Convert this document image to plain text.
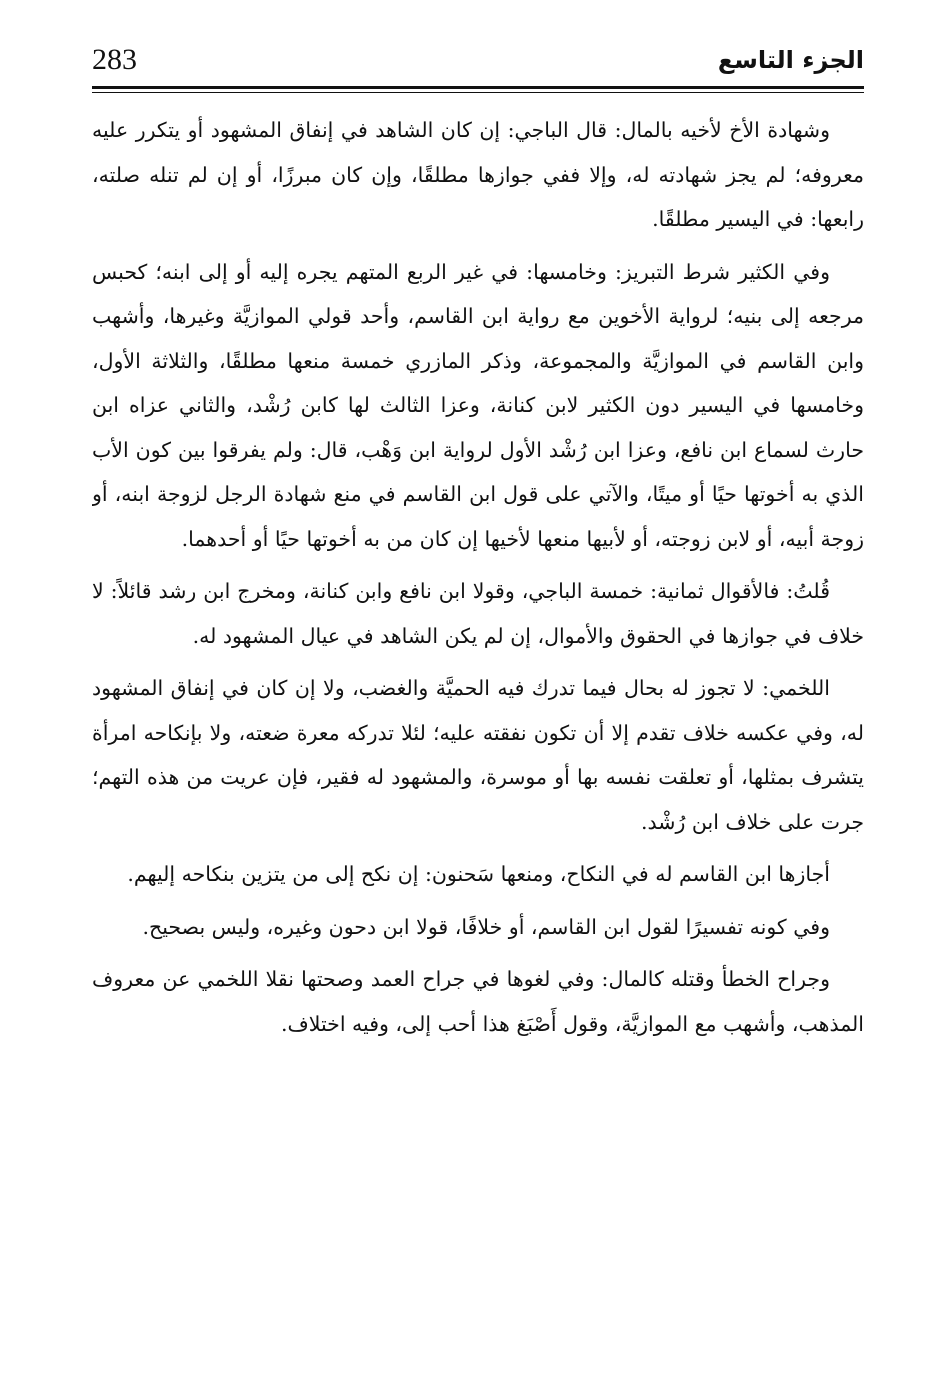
283	الجزء التاسع

وشهادة الأخ لأخيه بالمال: قال الباجي: إن كان الشاهد في إنفاق المشهود أو يتكرر عليه معروفه؛ لم يجز شهادته له، وإلا ففي جوازها مطلقًا، وإن كان مبرزًا، أو إن لم تنله صلته، رابعها: في اليسير مطلقًا.

وفي الكثير شرط التبريز: وخامسها: في غير الربع المتهم يجره إليه أو إلى ابنه؛ كحبس مرجعه إلى بنيه؛ لرواية الأخوين مع رواية ابن القاسم، وأحد قولي الموازيَّة وغيرها، وأشهب وابن القاسم في الموازيَّة والمجموعة، وذكر المازري خمسة منعها مطلقًا، والثلاثة الأول، وخامسها في اليسير دون الكثير لابن كنانة، وعزا الثالث لها كابن رُشْد، والثاني عزاه ابن حارث لسماع ابن نافع، وعزا ابن رُشْد الأول لرواية ابن وَهْب، قال: ولم يفرقوا بين كون الأب الذي به أخوتها حيًا أو ميتًا، والآتي على قول ابن القاسم في منع شهادة الرجل لزوجة ابنه، أو زوجة أبيه، أو لابن زوجته، أو لأبيها منعها لأخيها إن كان من به أخوتها حيًا أو أحدهما.

قُلتُ: فالأقوال ثمانية: خمسة الباجي، وقولا ابن نافع وابن كنانة، ومخرج ابن رشد قائلاً: لا خلاف في جوازها في الحقوق والأموال، إن لم يكن الشاهد في عيال المشهود له.

اللخمي: لا تجوز له بحال فيما تدرك فيه الحميَّة والغضب، ولا إن كان في إنفاق المشهود له، وفي عكسه خلاف تقدم إلا أن تكون نفقته عليه؛ لئلا تدركه معرة ضعته، ولا بإنكاحه امرأة يتشرف بمثلها، أو تعلقت نفسه بها أو موسرة، والمشهود له فقير، فإن عريت من هذه التهم؛ جرت على خلاف ابن رُشْد.

أجازها ابن القاسم له في النكاح، ومنعها سَحنون: إن نكح إلى من يتزين بنكاحه إليهم.

وفي كونه تفسيرًا لقول ابن القاسم، أو خلافًا، قولا ابن دحون وغيره، وليس بصحيح.

وجراح الخطأ وقتله كالمال: وفي لغوها في جراح العمد وصحتها نقلا اللخمي عن معروف المذهب، وأشهب مع الموازيَّة، وقول أَصْبَغ هذا أحب إلى، وفيه اختلاف.
